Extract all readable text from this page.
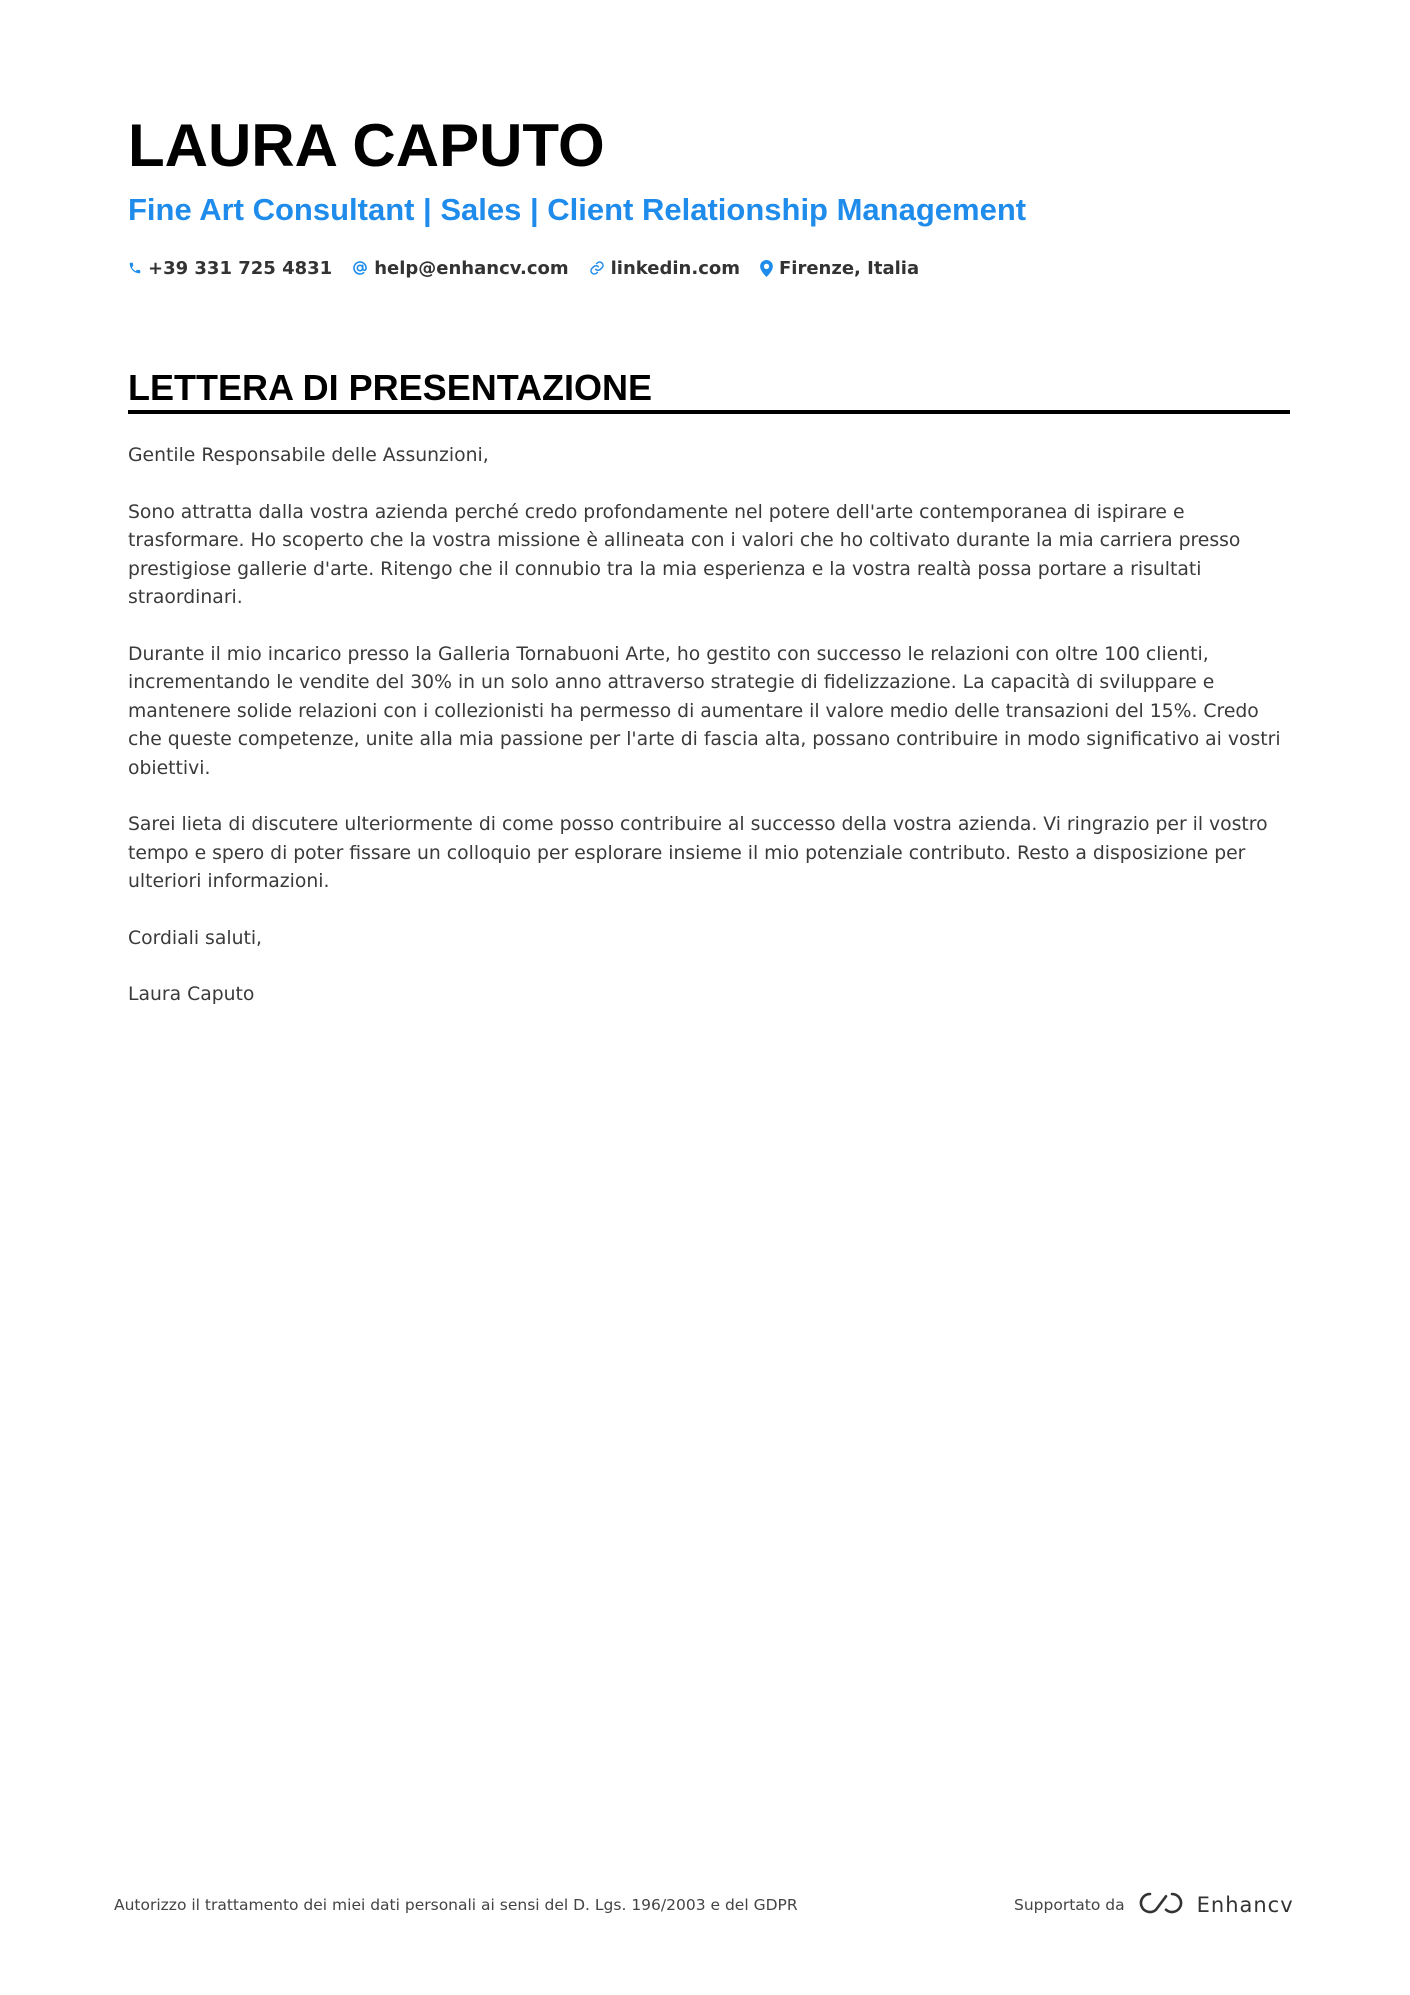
LAURA CAPUTO
Fine Art Consultant | Sales | Client Relationship Management
+39 331 725 4831 help@enhancv.com linkedin.com Firenze, Italia
LETTERA DI PRESENTAZIONE

Gentile Responsabile delle Assunzioni,

Sono attratta dalla vostra azienda perché credo profondamente nel potere dell'arte contemporanea di ispirare e trasformare. Ho scoperto che la vostra missione è allineata con i valori che ho coltivato durante la mia carriera presso prestigiose gallerie d'arte. Ritengo che il connubio tra la mia esperienza e la vostra realtà possa portare a risultati straordinari.

Durante il mio incarico presso la Galleria Tornabuoni Arte, ho gestito con successo le relazioni con oltre 100 clienti, incrementando le vendite del 30% in un solo anno attraverso strategie di fidelizzazione. La capacità di sviluppare e mantenere solide relazioni con i collezionisti ha permesso di aumentare il valore medio delle transazioni del 15%. Credo che queste competenze, unite alla mia passione per l'arte di fascia alta, possano contribuire in modo significativo ai vostri obiettivi.

Sarei lieta di discutere ulteriormente di come posso contribuire al successo della vostra azienda. Vi ringrazio per il vostro tempo e spero di poter fissare un colloquio per esplorare insieme il mio potenziale contributo. Resto a disposizione per ulteriori informazioni.

Cordiali saluti,

Laura Caputo

Autorizzo il trattamento dei miei dati personali ai sensi del D. Lgs. 196/2003 e del GDPR	Supportato da	Enhancv
